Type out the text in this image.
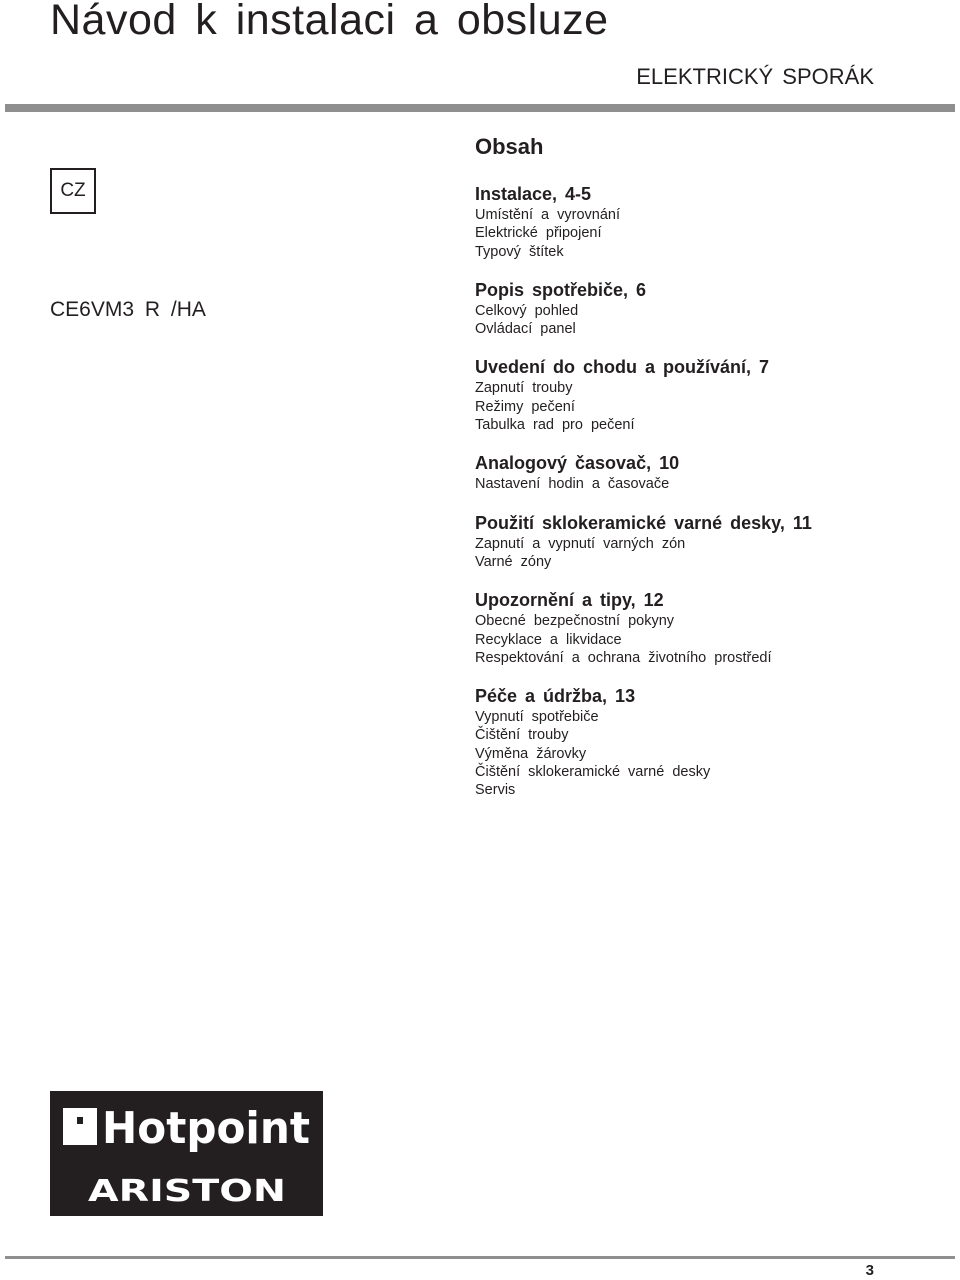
Návod k instalaci a obsluze
ELEKTRICKÝ SPORÁK
CZ
CE6VM3 R /HA
Obsah
Instalace, 4-5
Umístění a vyrovnání
Elektrické připojení
Typový štítek
Popis spotřebiče, 6
Celkový pohled
Ovládací panel
Uvedení do chodu a používání, 7
Zapnutí trouby
Režimy pečení
Tabulka rad pro pečení
Analogový časovač, 10
Nastavení hodin a časovače
Použití sklokeramické varné desky, 11
Zapnutí a vypnutí varných zón
Varné zóny
Upozornění a tipy, 12
Obecné bezpečnostní pokyny
Recyklace a likvidace
Respektování a ochrana životního prostředí
Péče a údržba, 13
Vypnutí spotřebiče
Čištění trouby
Výměna žárovky
Čištění sklokeramické varné desky
Servis
Hotpoint
ARISTON
3
